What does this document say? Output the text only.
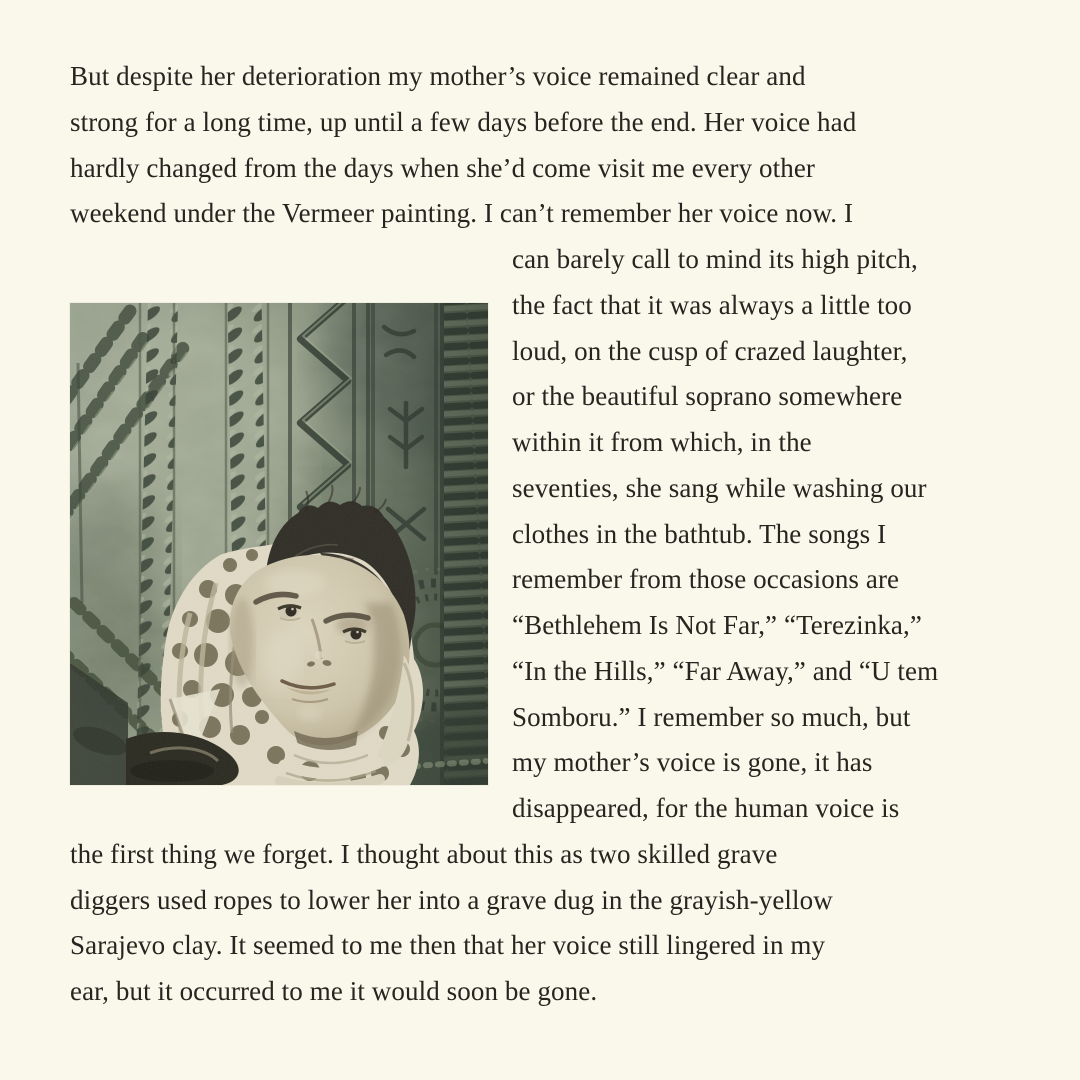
But despite her deterioration my mother’s voice remained clear and
strong for a long time, up until a few days before the end. Her voice had
hardly changed from the days when she’d come visit me every other
weekend under the Vermeer painting. I can’t remember her voice now. I
can barely call to mind its high pitch,
the fact that it was always a little too
loud, on the cusp of crazed laughter,
or the beautiful soprano somewhere
within it from which, in the
seventies, she sang while washing our
clothes in the bathtub. The songs I
remember from those occasions are
“Bethlehem Is Not Far,” “Terezinka,”
“In the Hills,” “Far Away,” and “U tem
Somboru.” I remember so much, but
my mother’s voice is gone, it has
disappeared, for the human voice is
the first thing we forget. I thought about this as two skilled grave
diggers used ropes to lower her into a grave dug in the grayish-yellow
Sarajevo clay. It seemed to me then that her voice still lingered in my
ear, but it occurred to me it would soon be gone.
